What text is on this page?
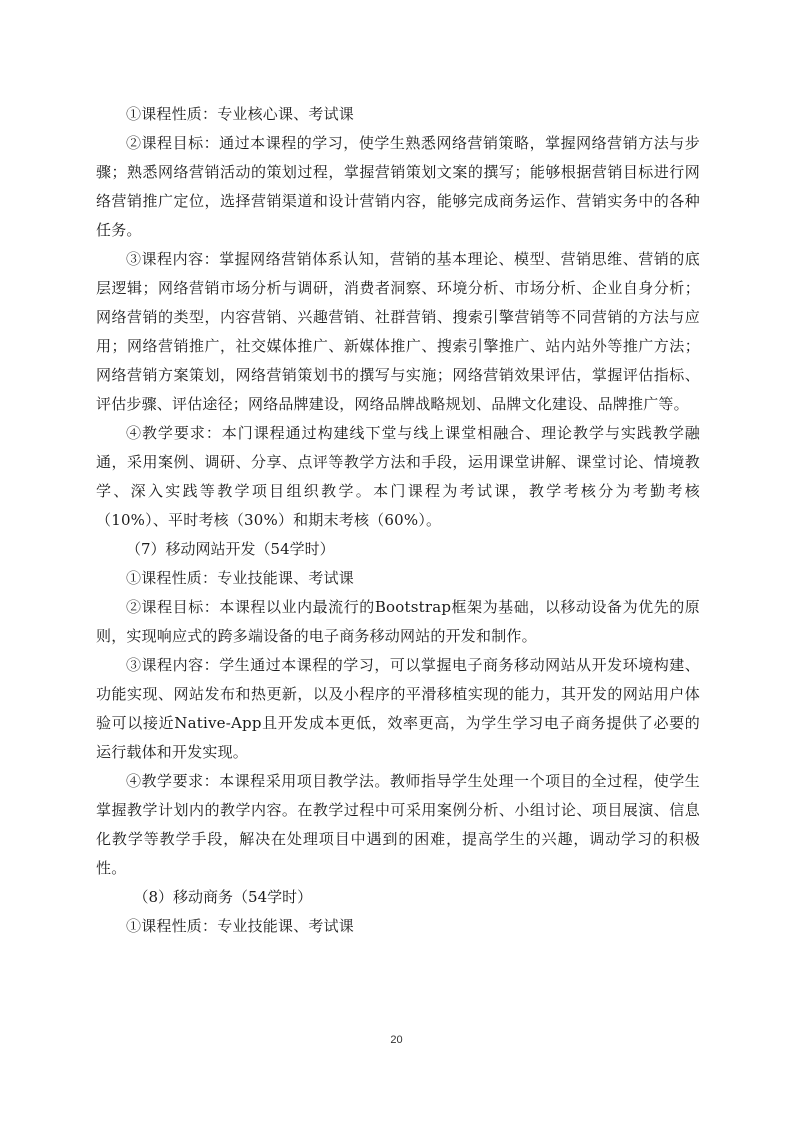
①课程性质：专业核心课、考试课

②课程目标：通过本课程的学习，使学生熟悉网络营销策略，掌握网络营销方法与步骤；熟悉网络营销活动的策划过程，掌握营销策划文案的撰写；能够根据营销目标进行网络营销推广定位，选择营销渠道和设计营销内容，能够完成商务运作、营销实务中的各种任务。

③课程内容：掌握网络营销体系认知，营销的基本理论、模型、营销思维、营销的底层逻辑；网络营销市场分析与调研，消费者洞察、环境分析、市场分析、企业自身分析；网络营销的类型，内容营销、兴趣营销、社群营销、搜索引擎营销等不同营销的方法与应用；网络营销推广，社交媒体推广、新媒体推广、搜索引擎推广、站内站外等推广方法；网络营销方案策划，网络营销策划书的撰写与实施；网络营销效果评估，掌握评估指标、评估步骤、评估途径；网络品牌建设，网络品牌战略规划、品牌文化建设、品牌推广等。

④教学要求：本门课程通过构建线下堂与线上课堂相融合、理论教学与实践教学融通，采用案例、调研、分享、点评等教学方法和手段，运用课堂讲解、课堂讨论、情境教学、深入实践等教学项目组织教学。本门课程为考试课，教学考核分为考勤考核（10%）、平时考核（30%）和期末考核（60%）。

（7）移动网站开发（54学时）

①课程性质：专业技能课、考试课

②课程目标：本课程以业内最流行的Bootstrap框架为基础，以移动设备为优先的原则，实现响应式的跨多端设备的电子商务移动网站的开发和制作。

③课程内容：学生通过本课程的学习，可以掌握电子商务移动网站从开发环境构建、功能实现、网站发布和热更新，以及小程序的平滑移植实现的能力，其开发的网站用户体验可以接近Native-App且开发成本更低，效率更高，为学生学习电子商务提供了必要的运行载体和开发实现。

④教学要求：本课程采用项目教学法。教师指导学生处理一个项目的全过程，使学生掌握教学计划内的教学内容。在教学过程中可采用案例分析、小组讨论、项目展演、信息化教学等教学手段，解决在处理项目中遇到的困难，提高学生的兴趣，调动学习的积极性。

（8）移动商务（54学时）

①课程性质：专业技能课、考试课

20
